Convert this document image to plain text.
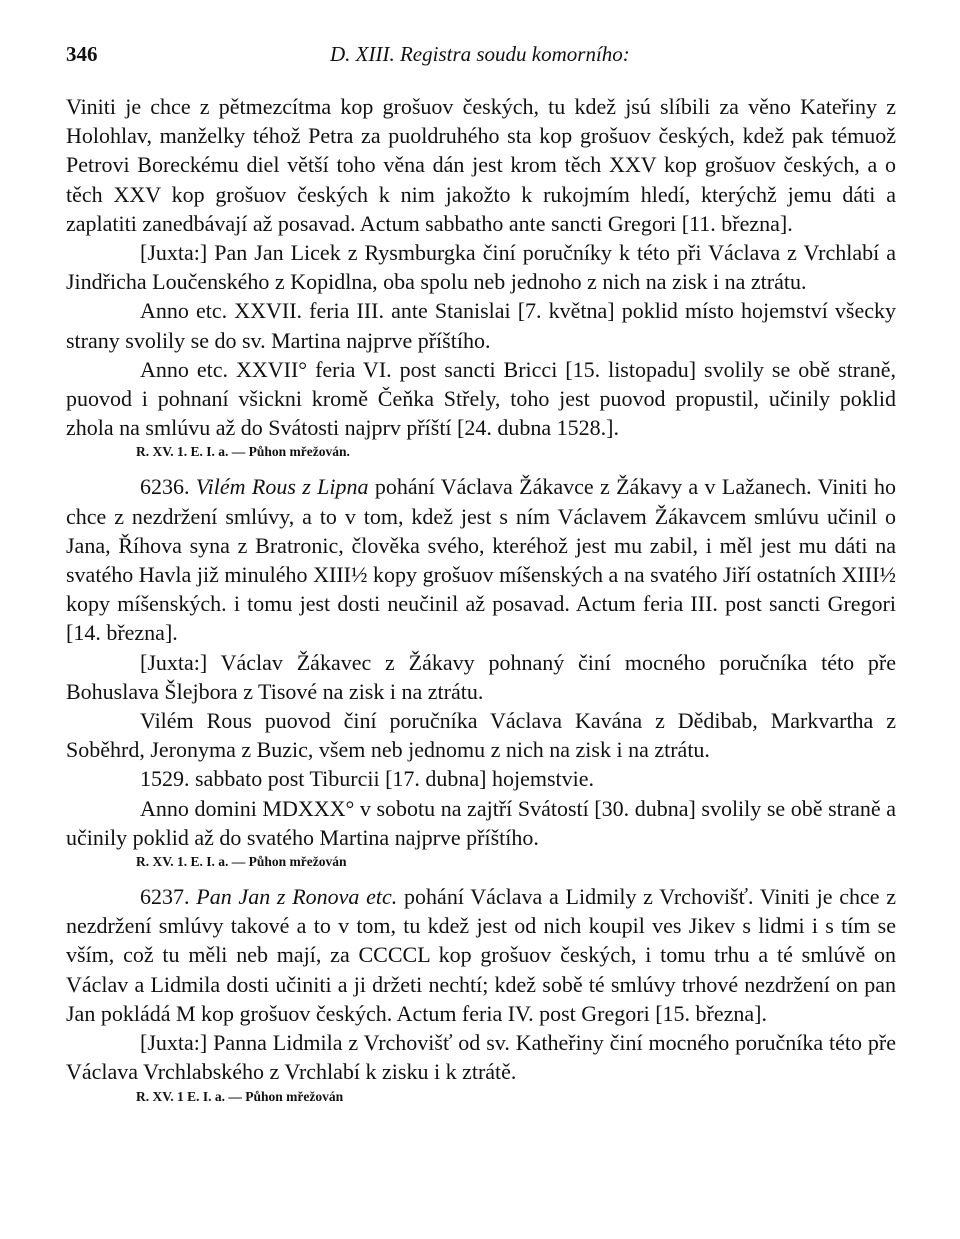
346	D. XIII. Registra soudu komorního:

Viniti je chce z pětmezcítma kop grošuov českých, tu kdež jsú slíbili za věno Kateřiny z Holohlav, manželky téhož Petra za puoldruhého sta kop grošuov českých, kdež pak témuož Petrovi Boreckému diel větší toho věna dán jest krom těch XXV kop grošuov českých, a o těch XXV kop grošuov českých k nim jakožto k rukojmím hledí, kterýchž jemu dáti a zaplatiti zanedbávají až posavad. Actum sabbatho ante sancti Gregori [11. března].

[Juxta:] Pan Jan Licek z Rysmburgka činí poručníky k této při Václava z Vrchlabí a Jindřicha Loučenského z Kopidlna, oba spolu neb jednoho z nich na zisk i na ztrátu.

Anno etc. XXVII. feria III. ante Stanislai [7. května] poklid místo hojemství všecky strany svolily se do sv. Martina najprve příštího.

Anno etc. XXVII° feria VI. post sancti Bricci [15. listopadu] svolily se obě straně, puovod i pohnaní všickni kromě Čeňka Střely, toho jest puovod propustil, učinily poklid zhola na smlúvu až do Svátosti najprv příští [24. dubna 1528.].

R. XV. 1. E. I. a. — Půhon mřežován.

6236. Vilém Rous z Lipna pohání Václava Žákavce z Žákavy a v Lažanech. Viniti ho chce z nezdržení smlúvy, a to v tom, kdež jest s ním Václavem Žákavcem smlúvu učinil o Jana, Říhova syna z Bratronic, člověka svého, kteréhož jest mu zabil, i měl jest mu dáti na svatého Havla již minulého XIII½ kopy grošuov míšenských a na svatého Jiří ostatních XIII½ kopy míšenských. i tomu jest dosti neučinil až posavad. Actum feria III. post sancti Gregori [14. března].

[Juxta:] Václav Žákavec z Žákavy pohnaný činí mocného poručníka této pře Bohuslava Šlejbora z Tisové na zisk i na ztrátu.

Vilém Rous puovod činí poručníka Václava Kavána z Dědibab, Markvartha z Soběhrd, Jeronyma z Buzic, všem neb jednomu z nich na zisk i na ztrátu.

1529. sabbato post Tiburcii [17. dubna] hojemstvie.

Anno domini MDXXX° v sobotu na zajtří Svátostí [30. dubna] svolily se obě straně a učinily poklid až do svatého Martina najprve příštího.

R. XV. 1. E. I. a. — Půhon mřežován

6237. Pan Jan z Ronova etc. pohání Václava a Lidmily z Vrchovišť. Viniti je chce z nezdržení smlúvy takové a to v tom, tu kdež jest od nich koupil ves Jikev s lidmi i s tím se vším, což tu měli neb mají, za CCCCL kop grošuov českých, i tomu trhu a té smlúvě on Václav a Lidmila dosti učiniti a ji držeti nechtí; kdež sobě té smlúvy trhové nezdržení on pan Jan pokládá M kop grošuov českých. Actum feria IV. post Gregori [15. března].

[Juxta:] Panna Lidmila z Vrchovišť od sv. Katheřiny činí mocného poručníka této pře Václava Vrchlabského z Vrchlabí k zisku i k ztrátě.

R. XV. 1 E. I. a. — Půhon mřežován
